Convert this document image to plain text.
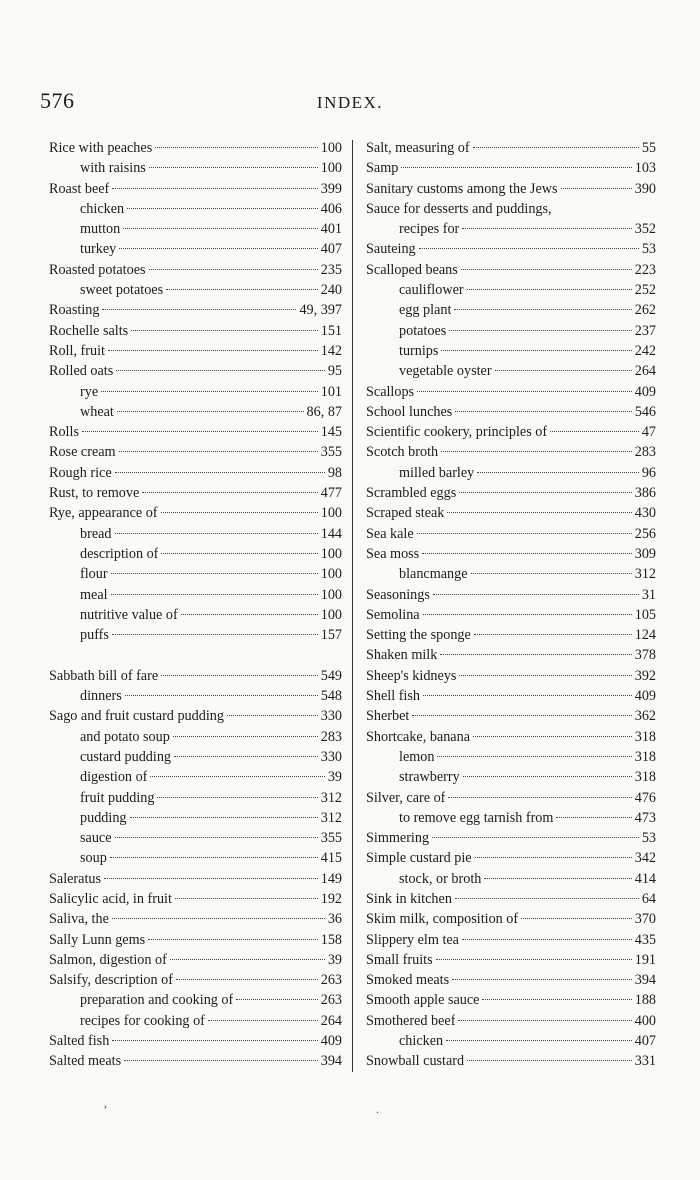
576	INDEX.
Rice with peaches	100
with raisins	100
Roast beef	399
chicken	406
mutton	401
turkey	407
Roasted potatoes	235
sweet potatoes	240
Roasting	49, 397
Rochelle salts	151
Roll, fruit	142
Rolled oats	95
rye	101
wheat	86, 87
Rolls	145
Rose cream	355
Rough rice	98
Rust, to remove	477
Rye, appearance of	100
bread	144
description of	100
flour	100
meal	100
nutritive value of	100
puffs	157
Sabbath bill of fare	549
dinners	548
Sago and fruit custard pudding	330
and potato soup	283
custard pudding	330
digestion of	39
fruit pudding	312
pudding	312
sauce	355
soup	415
Saleratus	149
Salicylic acid, in fruit	192
Saliva, the	36
Sally Lunn gems	158
Salmon, digestion of	39
Salsify, description of	263
preparation and cooking of	263
recipes for cooking of	264
Salted fish	409
Salted meats	394
Salt, measuring of	55
Samp	103
Sanitary customs among the Jews	390
Sauce for desserts and puddings,
recipes for	352
Sauteing	53
Scalloped beans	223
cauliflower	252
egg plant	262
potatoes	237
turnips	242
vegetable oyster	264
Scallops	409
School lunches	546
Scientific cookery, principles of	47
Scotch broth	283
milled barley	96
Scrambled eggs	386
Scraped steak	430
Sea kale	256
Sea moss	309
blancmange	312
Seasonings	31
Semolina	105
Setting the sponge	124
Shaken milk	378
Sheep's kidneys	392
Shell fish	409
Sherbet	362
Shortcake, banana	318
lemon	318
strawberry	318
Silver, care of	476
to remove egg tarnish from	473
Simmering	53
Simple custard pie	342
stock, or broth	414
Sink in kitchen	64
Skim milk, composition of	370
Slippery elm tea	435
Small fruits	191
Smoked meats	394
Smooth apple sauce	188
Smothered beef	400
chicken	407
Snowball custard	331
,	.
